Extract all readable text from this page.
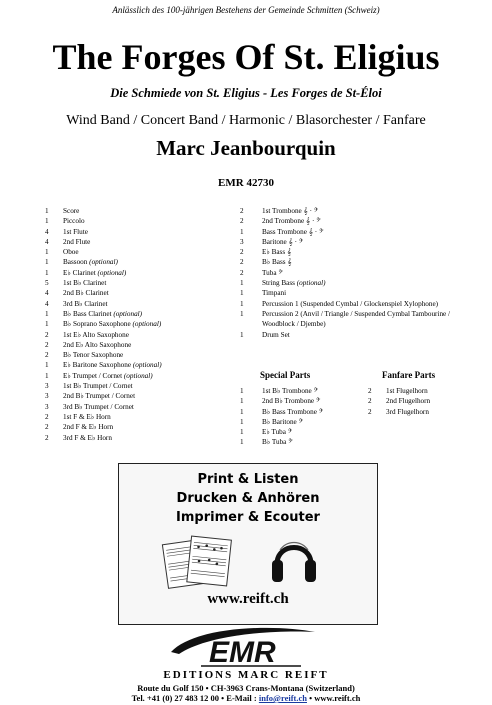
Anlässlich des 100-jährigen Bestehens der Gemeinde Schmitten (Schweiz)
The Forges Of St. Eligius
Die Schmiede von St. Eligius - Les Forges de St-Éloi
Wind Band / Concert Band / Harmonic / Blasorchester / Fanfare
Marc Jeanbourquin
EMR 42730
1	Score
1	Piccolo
4	1st Flute
4	2nd Flute
1	Oboe
1	Bassoon (optional)
1	E♭ Clarinet (optional)
5	1st B♭ Clarinet
4	2nd B♭ Clarinet
4	3rd B♭ Clarinet
1	B♭ Bass Clarinet (optional)
1	B♭ Soprano Saxophone (optional)
2	1st E♭ Alto Saxophone
2	2nd E♭ Alto Saxophone
2	B♭ Tenor Saxophone
1	E♭ Baritone Saxophone (optional)
1	E♭ Trumpet / Cornet (optional)
3	1st B♭ Trumpet / Cornet
3	2nd B♭ Trumpet / Cornet
3	3rd B♭ Trumpet / Cornet
2	1st F & E♭ Horn
2	2nd F & E♭ Horn
2	3rd F & E♭ Horn
2	1st Trombone 𝄞 · 𝄢
2	2nd Trombone 𝄞 · 𝄢
1	Bass Trombone 𝄞 · 𝄢
3	Baritone 𝄞 · 𝄢
2	E♭ Bass 𝄞
2	B♭ Bass 𝄞
2	Tuba 𝄢
1	String Bass (optional)
1	Timpani
1	Percussion 1 (Suspended Cymbal / Glockenspiel Xylophone)
1	Percussion 2 (Anvil / Triangle / Suspended Cymbal Tambourine / Woodblock / Djembe)
1	Drum Set
Special Parts	Fanfare Parts
1	1st B♭ Trombone 𝄢
1	2nd B♭ Trombone 𝄢
1	B♭ Bass Trombone 𝄢
1	B♭ Baritone 𝄢
1	E♭ Tuba 𝄢
1	B♭ Tuba 𝄢
2	1st Flugelhorn
2	2nd Flugelhorn
2	3rd Flugelhorn
Print & Listen
Drucken & Anhören
Imprimer & Ecouter
www.reift.ch
EMR
EDITIONS MARC REIFT
Route du Golf 150 • CH-3963 Crans-Montana (Switzerland)
Tel. +41 (0) 27 483 12 00 • E-Mail : info@reift.ch • www.reift.ch
